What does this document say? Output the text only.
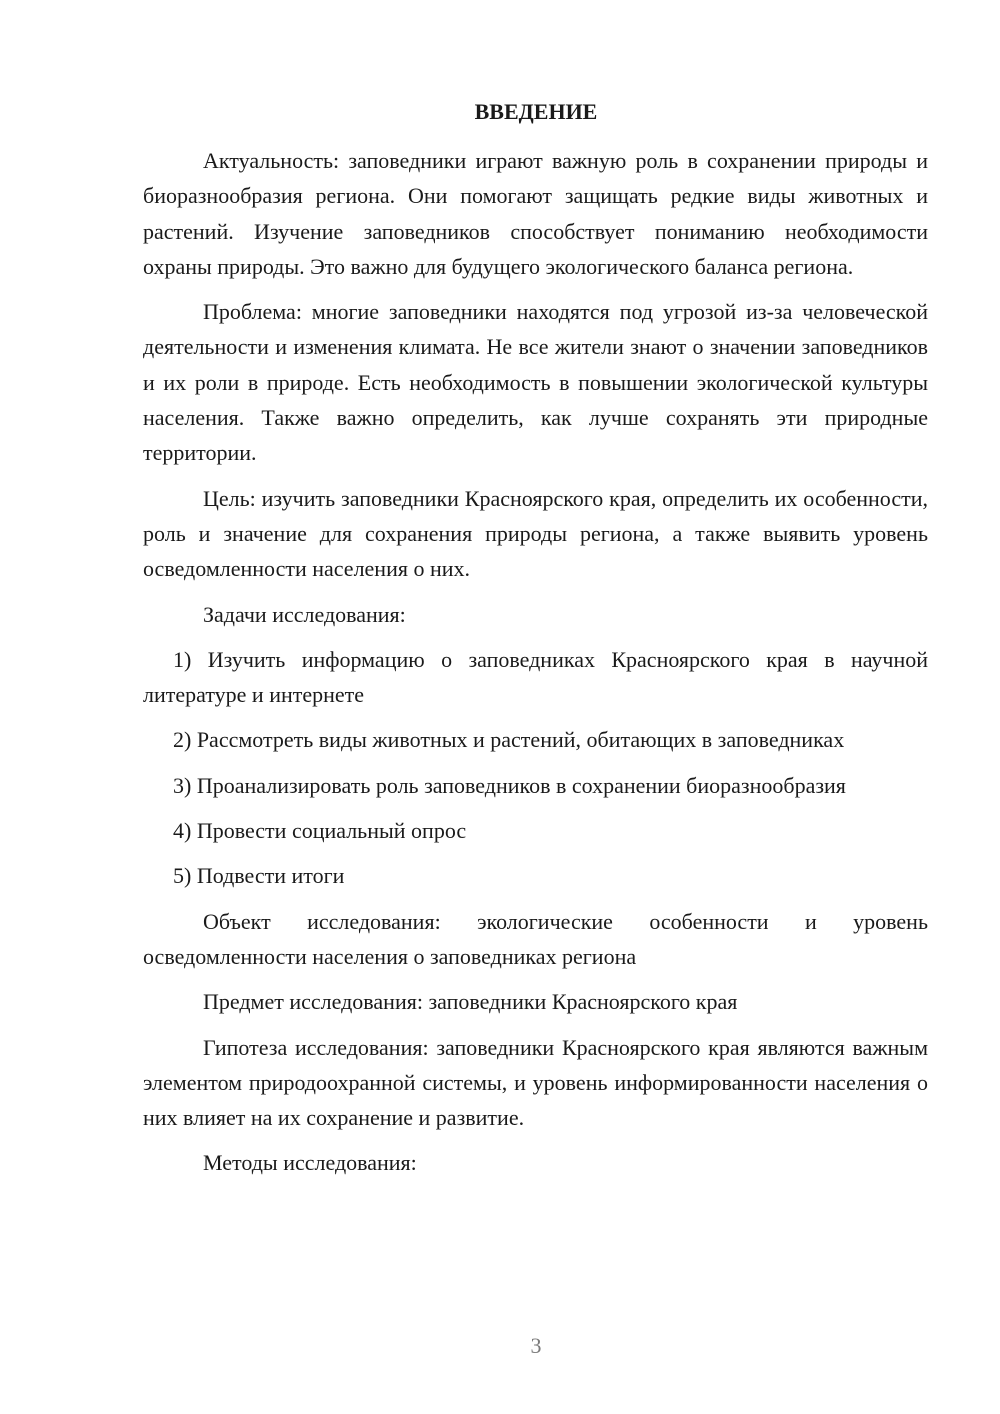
ВВЕДЕНИЕ

Актуальность: заповедники играют важную роль в сохранении природы и биоразнообразия региона. Они помогают защищать редкие виды животных и растений. Изучение заповедников способствует пониманию необходимости охраны природы. Это важно для будущего экологического баланса региона.

Проблема: многие заповедники находятся под угрозой из-за человеческой деятельности и изменения климата. Не все жители знают о значении заповедников и их роли в природе. Есть необходимость в повышении экологической культуры населения. Также важно определить, как лучше сохранять эти природные территории.

Цель: изучить заповедники Красноярского края, определить их особенности, роль и значение для сохранения природы региона, а также выявить уровень осведомленности населения о них.

Задачи исследования:

1) Изучить информацию о заповедниках Красноярского края в научной литературе и интернете

2) Рассмотреть виды животных и растений, обитающих в заповедниках

3) Проанализировать роль заповедников в сохранении биоразнообразия

4) Провести социальный опрос

5) Подвести итоги

Объект исследования: экологические особенности и уровень осведомленности населения о заповедниках региона

Предмет исследования: заповедники Красноярского края

Гипотеза исследования: заповедники Красноярского края являются важным элементом природоохранной системы, и уровень информированности населения о них влияет на их сохранение и развитие.

Методы исследования:

3
